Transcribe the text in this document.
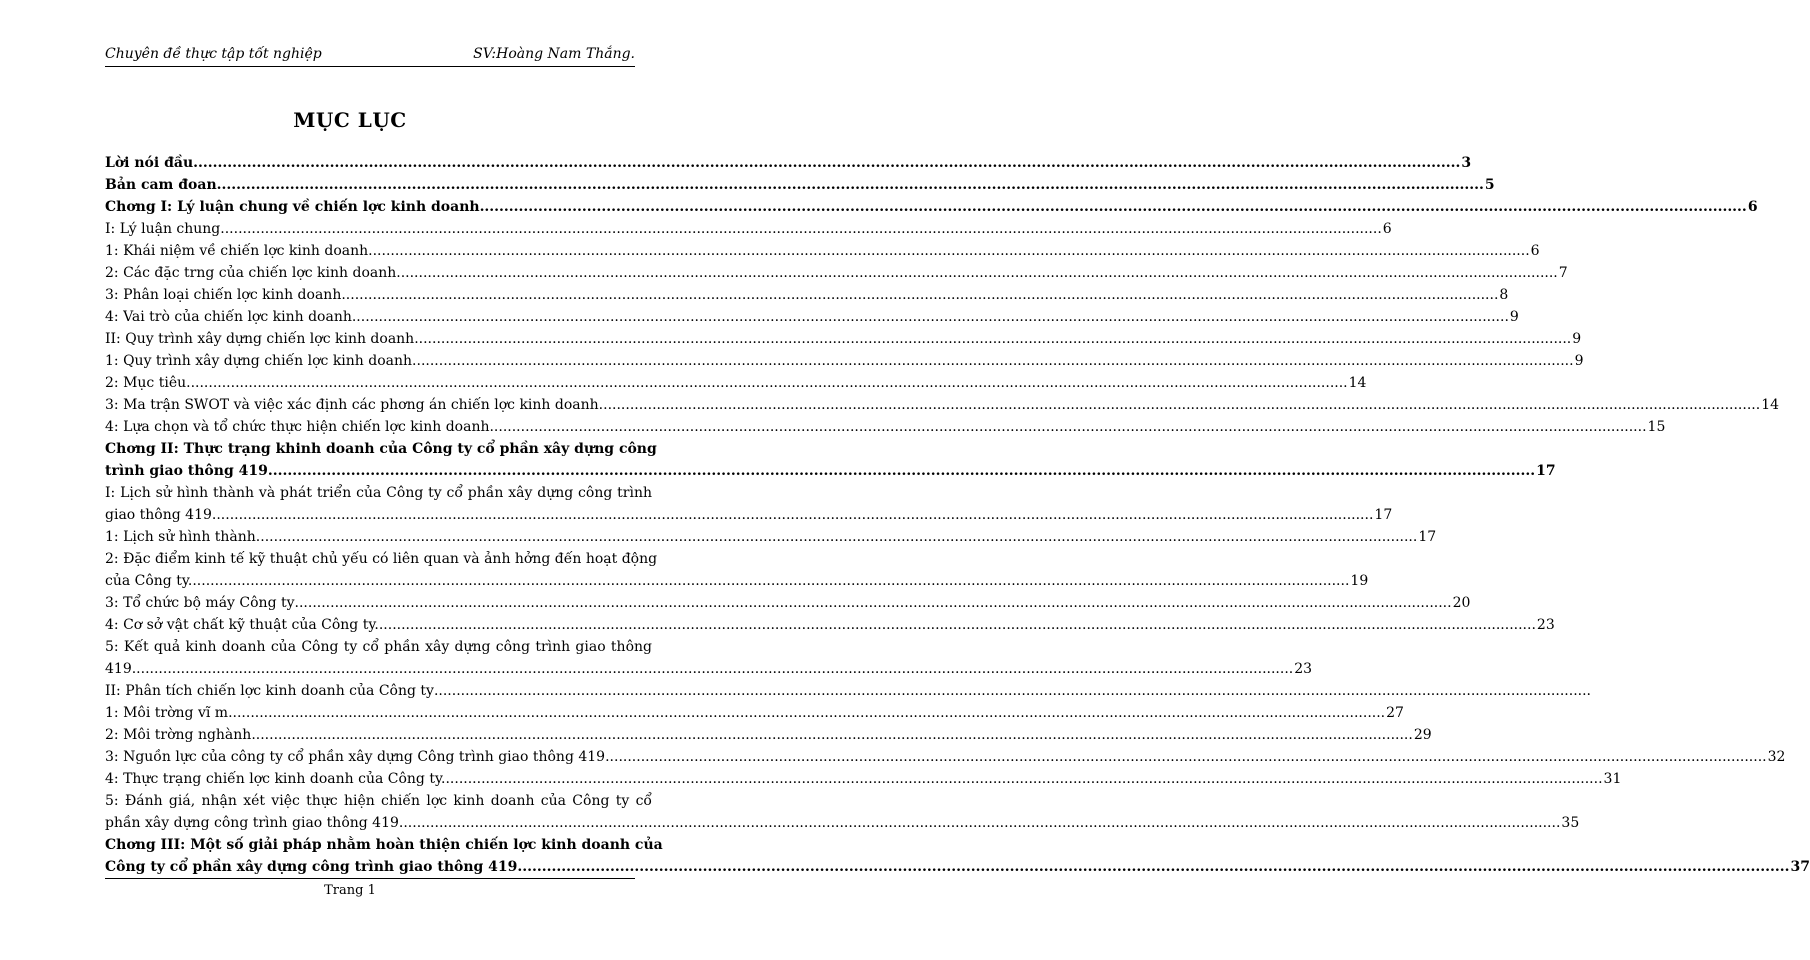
Chuyên đề thực tập tốt nghiệp	SV:Hoàng Nam Thắng.
MỤC LỤC
Lời nói đầu .................................................................................................................................................................................................................................................................... 3
Bản cam đoan .................................................................................................................................................................................................................................................................... 5
Chơng I: Lý luận chung về chiến lợc kinh doanh .................................................................................................................................................................................................................................................................... 6
I: Lý luận chung. .................................................................................................................................................................................................................................................................... 6
1: Khái niệm về chiến lợc kinh doanh. .................................................................................................................................................................................................................................................................... 6
2: Các đặc trng của chiến lợc kinh doanh. .................................................................................................................................................................................................................................................................... 7
3: Phân loại chiến lợc kinh doanh .................................................................................................................................................................................................................................................................... 8
4: Vai trò của chiến lợc kinh doanh .................................................................................................................................................................................................................................................................... 9
II: Quy trình xây dựng chiến lợc kinh doanh .................................................................................................................................................................................................................................................................... 9
1: Quy trình xây dựng chiến lợc kinh doanh. .................................................................................................................................................................................................................................................................... 9
2: Mục tiêu. .................................................................................................................................................................................................................................................................... 14
3: Ma trận SWOT và việc xác định các phơng án chiến lợc kinh doanh. .................................................................................................................................................................................................................................................................... 14
4: Lựa chọn và tổ chức thực hiện chiến lợc kinh doanh .................................................................................................................................................................................................................................................................... 15
Chơng II: Thực trạng khinh doanh của Công ty cổ phần xây dựng công
trình giao thông 419 .................................................................................................................................................................................................................................................................... 17
I: Lịch sử hình thành và phát triển của Công ty cổ phần xây dựng công trình
giao thông 419. .................................................................................................................................................................................................................................................................... 17
1: Lịch sử hình thành. .................................................................................................................................................................................................................................................................... 17
2: Đặc điểm kinh tế kỹ thuật chủ yếu có liên quan và ảnh hởng đến hoạt động
của Công ty. .................................................................................................................................................................................................................................................................... 19
3: Tổ chức bộ máy Công ty .................................................................................................................................................................................................................................................................... 20
4: Cơ sở vật chất kỹ thuật của Công ty. .................................................................................................................................................................................................................................................................... 23
5: Kết quả kinh doanh của Công ty cổ phần xây dựng công trình giao thông
419. .................................................................................................................................................................................................................................................................... 23
II: Phân tích chiến lợc kinh doanh của Công ty ....................................................................................................................................................................................................................................................................
1: Môi trờng vĩ m .................................................................................................................................................................................................................................................................... 27
2: Môi trờng nghành. .................................................................................................................................................................................................................................................................... 29
3: Nguồn lực của công ty cổ phần xây dựng Công trình giao thông 419. .................................................................................................................................................................................................................................................................... 32
4: Thực trạng chiến lợc kinh doanh của Công ty. .................................................................................................................................................................................................................................................................... 31
5: Đánh giá, nhận xét việc thực hiện chiến lợc kinh doanh của Công ty cổ
phần xây dựng công trình giao thông 419. .................................................................................................................................................................................................................................................................... 35
Chơng III: Một số giải pháp nhằm hoàn thiện chiến lợc kinh doanh của
Công ty cổ phần xây dựng công trình giao thông 419. .................................................................................................................................................................................................................................................................... 37
Trang 1
